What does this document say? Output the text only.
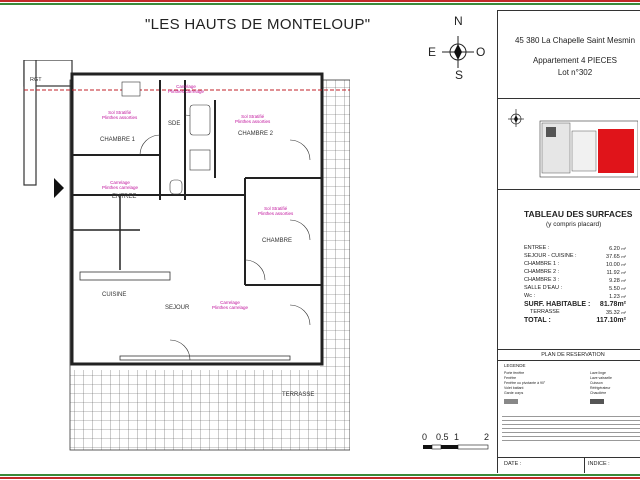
"LES HAUTS DE MONTELOUP"	N
S
E	O
RGT
CHAMBRE 1
SDE
CHAMBRE 2
ENTREE
CHAMBRE
CUISINE
SEJOUR
TERRASSE
Sol Stratifié
Plinthes assorties
Carrelage
Plinthes carrelage
Sol Stratifié
Plinthes assorties
Carrelage
Plinthes carrelage
Sol Stratifié
Plinthes assorties
Carrelage
Plinthes carrelage
0 0.5 1	2
45 380 La Chapelle Saint Mesmin
Appartement 4 PIECES
Lot n°302
TABLEAU DES SURFACES
(y compris placard)
ENTREE :	6.20 m²
SEJOUR - CUISINE :	37.65 m²
CHAMBRE 1 :	10.00 m²
CHAMBRE 2 :	11.92 m²
CHAMBRE 3 :	9.28 m²
SALLE D'EAU :	5.50 m²
Wc :	1.23 m²
SURF. HABITABLE : 81.78m²
TERRASSE	35.32 m²
TOTAL :	117.10m²
PLAN DE RESERVATION
LEGENDE
Porte fenêtre
Fenêtre
Fenêtre ou pivotante à 90°
Volet battant
Garde corps
Lave linge
Lave vaisselle
Cuisson
Réfrigérateur
Chaudière
DATE :	INDICE :
